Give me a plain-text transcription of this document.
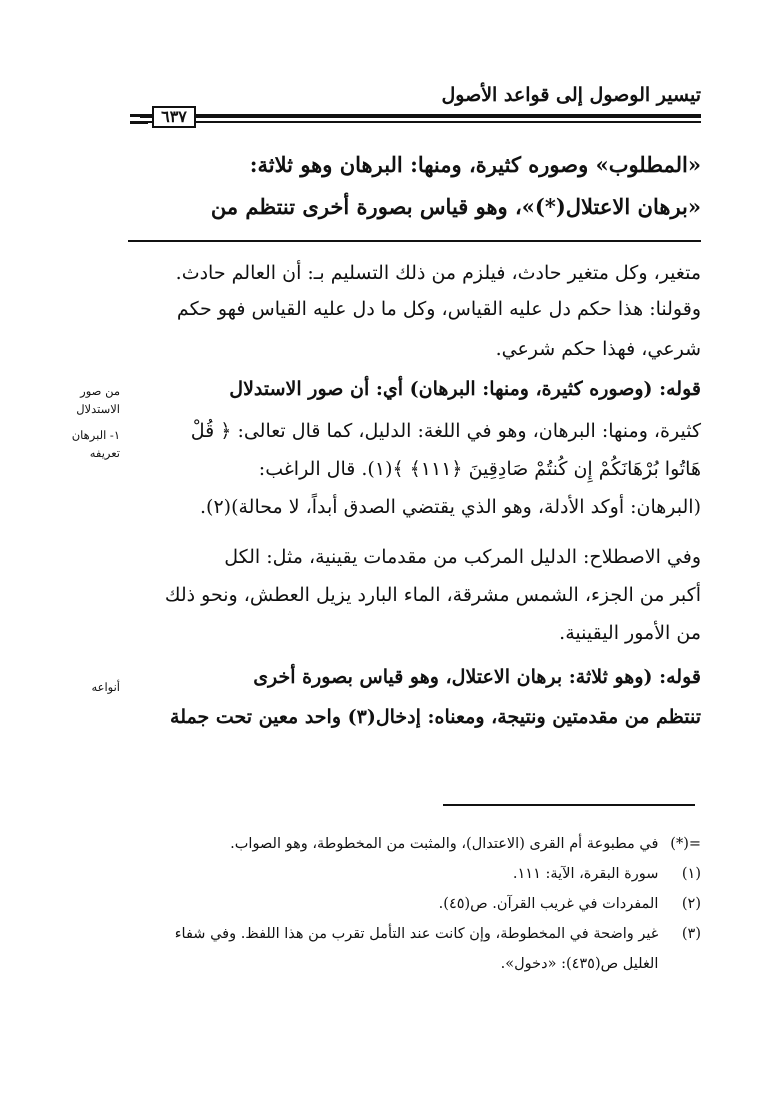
تيسير الوصول إلى قواعد الأصول
٦٣٧
«المطلوب» وصوره كثيرة، ومنها: البرهان وهو ثلاثة:
«برهان الاعتلال(*)»، وهو قياس بصورة أخرى تنتظم من
متغير، وكل متغير حادث، فيلزم من ذلك التسليم بـ: أن العالم حادث.
وقولنا: هذا حكم دل عليه القياس، وكل ما دل عليه القياس فهو حكم
شرعي، فهذا حكم شرعي.
قوله: (وصوره كثيرة، ومنها: البرهان) أي: أن صور الاستدلال
كثيرة، ومنها: البرهان، وهو في اللغة: الدليل، كما قال تعالى: ﴿ قُلْ
هَاتُوا بُرْهَانَكُمْ إِن كُنتُمْ صَادِقِينَ ﴿١١١﴾ ﴾(١). قال الراغب:
(البرهان: أوكد الأدلة، وهو الذي يقتضي الصدق أبداً، لا محالة)(٢).
وفي الاصطلاح: الدليل المركب من مقدمات يقينية، مثل: الكل
أكبر من الجزء، الشمس مشرقة، الماء البارد يزيل العطش، ونحو ذلك
من الأمور اليقينية.
قوله: (وهو ثلاثة: برهان الاعتلال، وهو قياس بصورة أخرى
تنتظم من مقدمتين ونتيجة، ومعناه: إدخال(٣) واحد معين تحت جملة
من صور
الاستدلال
١- البرهان
تعريفه
أنواعه
=(*) في مطبوعة أم القرى (الاعتدال)، والمثبت من المخطوطة، وهو الصواب.
(١) سورة البقرة، الآية: ١١١.
(٢) المفردات في غريب القرآن. ص(٤٥).
(٣) غير واضحة في المخطوطة، وإن كانت عند التأمل تقرب من هذا اللفظ. وفي شفاء
الغليل ص(٤٣٥): «دخول».
